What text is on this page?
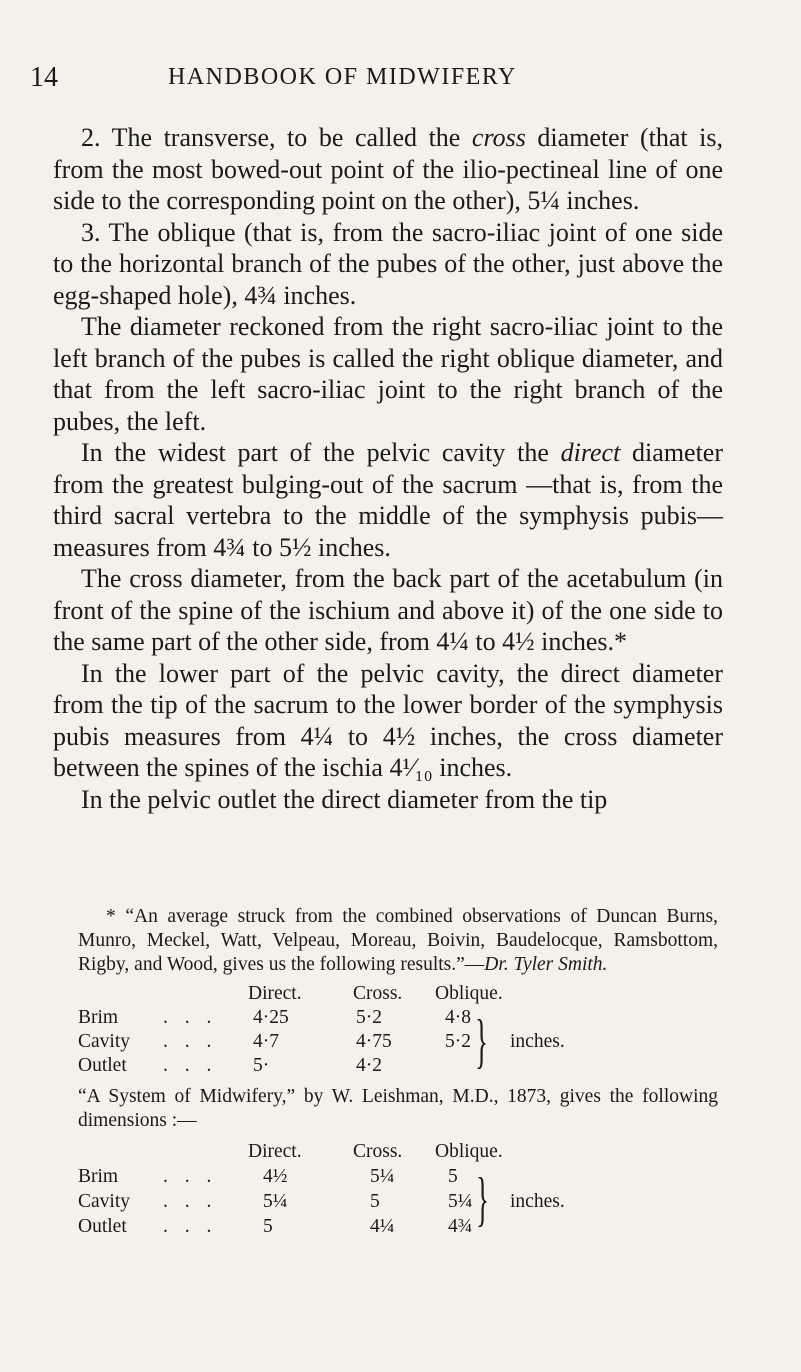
14	HANDBOOK OF MIDWIFERY

2. The transverse, to be called the cross diameter (that is, from the most bowed-out point of the ilio-pectineal line of one side to the corresponding point on the other), 5¼ inches.

3. The oblique (that is, from the sacro-iliac joint of one side to the horizontal branch of the pubes of the other, just above the egg-shaped hole), 4¾ inches.

The diameter reckoned from the right sacro-iliac joint to the left branch of the pubes is called the right oblique diameter, and that from the left sacro-iliac joint to the right branch of the pubes, the left.

In the widest part of the pelvic cavity the direct diameter from the greatest bulging-out of the sacrum —that is, from the third sacral vertebra to the middle of the symphysis pubis—measures from 4¾ to 5½ inches.

The cross diameter, from the back part of the acetabulum (in front of the spine of the ischium and above it) of the one side to the same part of the other side, from 4¼ to 4½ inches.*

In the lower part of the pelvic cavity, the direct diameter from the tip of the sacrum to the lower border of the symphysis pubis measures from 4¼ to 4½ inches, the cross diameter between the spines of the ischia 4¹⁄₁₀ inches.

In the pelvic outlet the direct diameter from the tip

* “An average struck from the combined observations of Duncan Burns, Munro, Meckel, Watt, Velpeau, Moreau, Boivin, Baudelocque, Ramsbottom, Rigby, and Wood, gives us the following results.”—Dr. Tyler Smith.

Direct.	Cross. Oblique.
Brim . . . 4·25	5·2	4·8
Cavity . . . 4·7	4·75	5·2
Outlet . . . 5·	4·2 } inches.

“A System of Midwifery,” by W. Leishman, M.D., 1873, gives the following dimensions :—

Direct.	Cross. Oblique.
Brim . . . 4½	5¼	5
Cavity . . . 5¼	5	5¼
Outlet . . . 5	4¼	4¾ } inches.
